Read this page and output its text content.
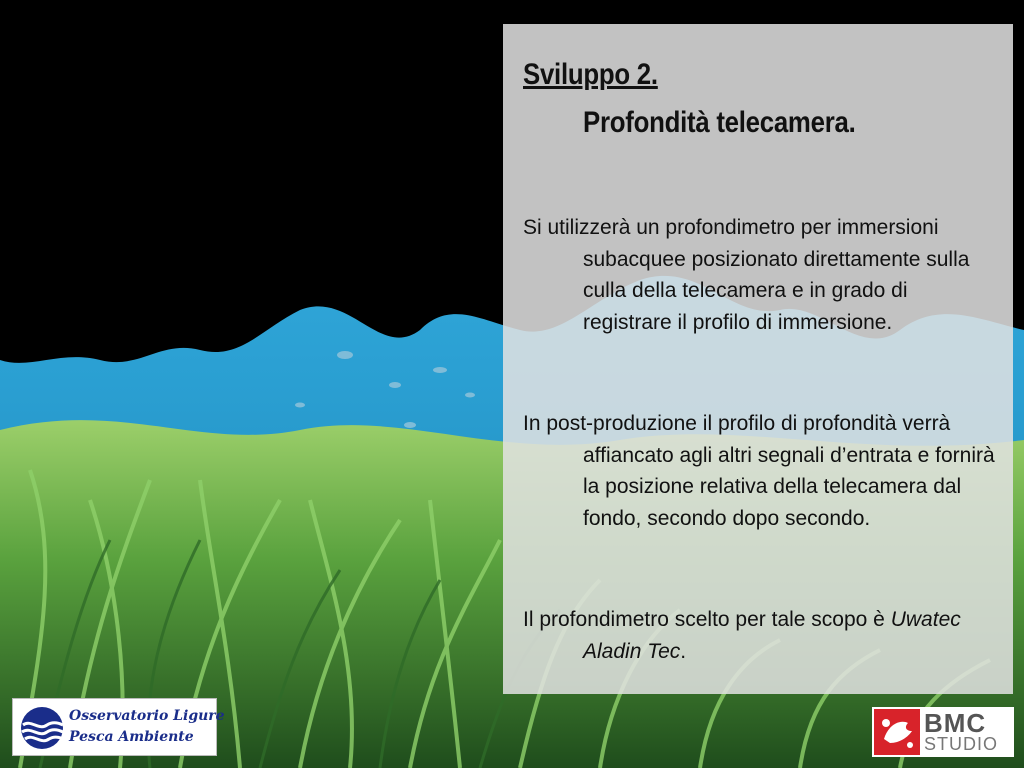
Sviluppo 2.
Profondità telecamera.
Si utilizzerà un profondimetro per immersioni subacquee posizionato direttamente sulla culla della telecamera e in grado di registrare il profilo di immersione.
In post-produzione il profilo di profondità verrà affiancato agli altri segnali d’entrata e fornirà la posizione relativa della telecamera dal fondo, secondo dopo secondo.
Il profondimetro scelto per tale scopo è Uwatec Aladin Tec.
Osservatorio Ligure
Pesca Ambiente	BMC
STUDIO
